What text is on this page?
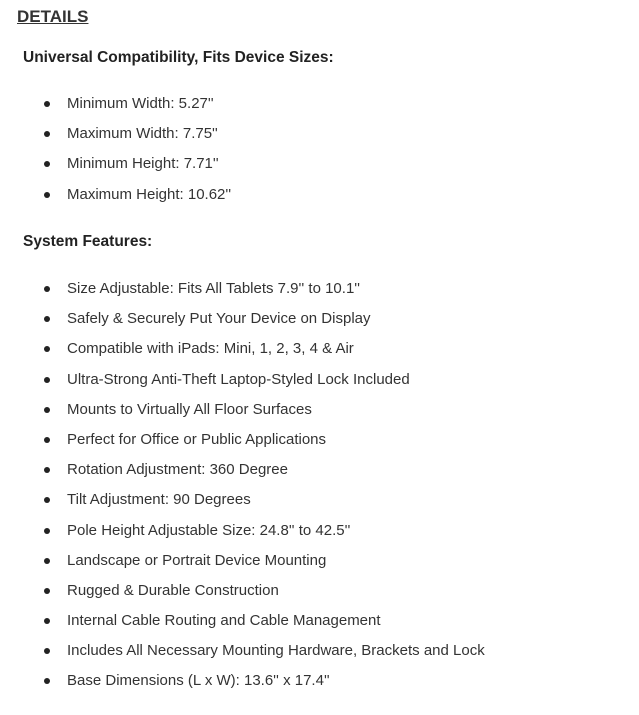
DETAILS
Universal Compatibility, Fits Device Sizes:
Minimum Width: 5.27''
Maximum Width: 7.75''
Minimum Height: 7.71''
Maximum Height: 10.62''
System Features:
Size Adjustable: Fits All Tablets 7.9'' to 10.1''
Safely & Securely Put Your Device on Display
Compatible with iPads: Mini, 1, 2, 3, 4 & Air
Ultra-Strong Anti-Theft Laptop-Styled Lock Included
Mounts to Virtually All Floor Surfaces
Perfect for Office or Public Applications
Rotation Adjustment: 360 Degree
Tilt Adjustment: 90 Degrees
Pole Height Adjustable Size: 24.8'' to 42.5''
Landscape or Portrait Device Mounting
Rugged & Durable Construction
Internal Cable Routing and Cable Management
Includes All Necessary Mounting Hardware, Brackets and Lock
Base Dimensions (L x W): 13.6'' x 17.4''
